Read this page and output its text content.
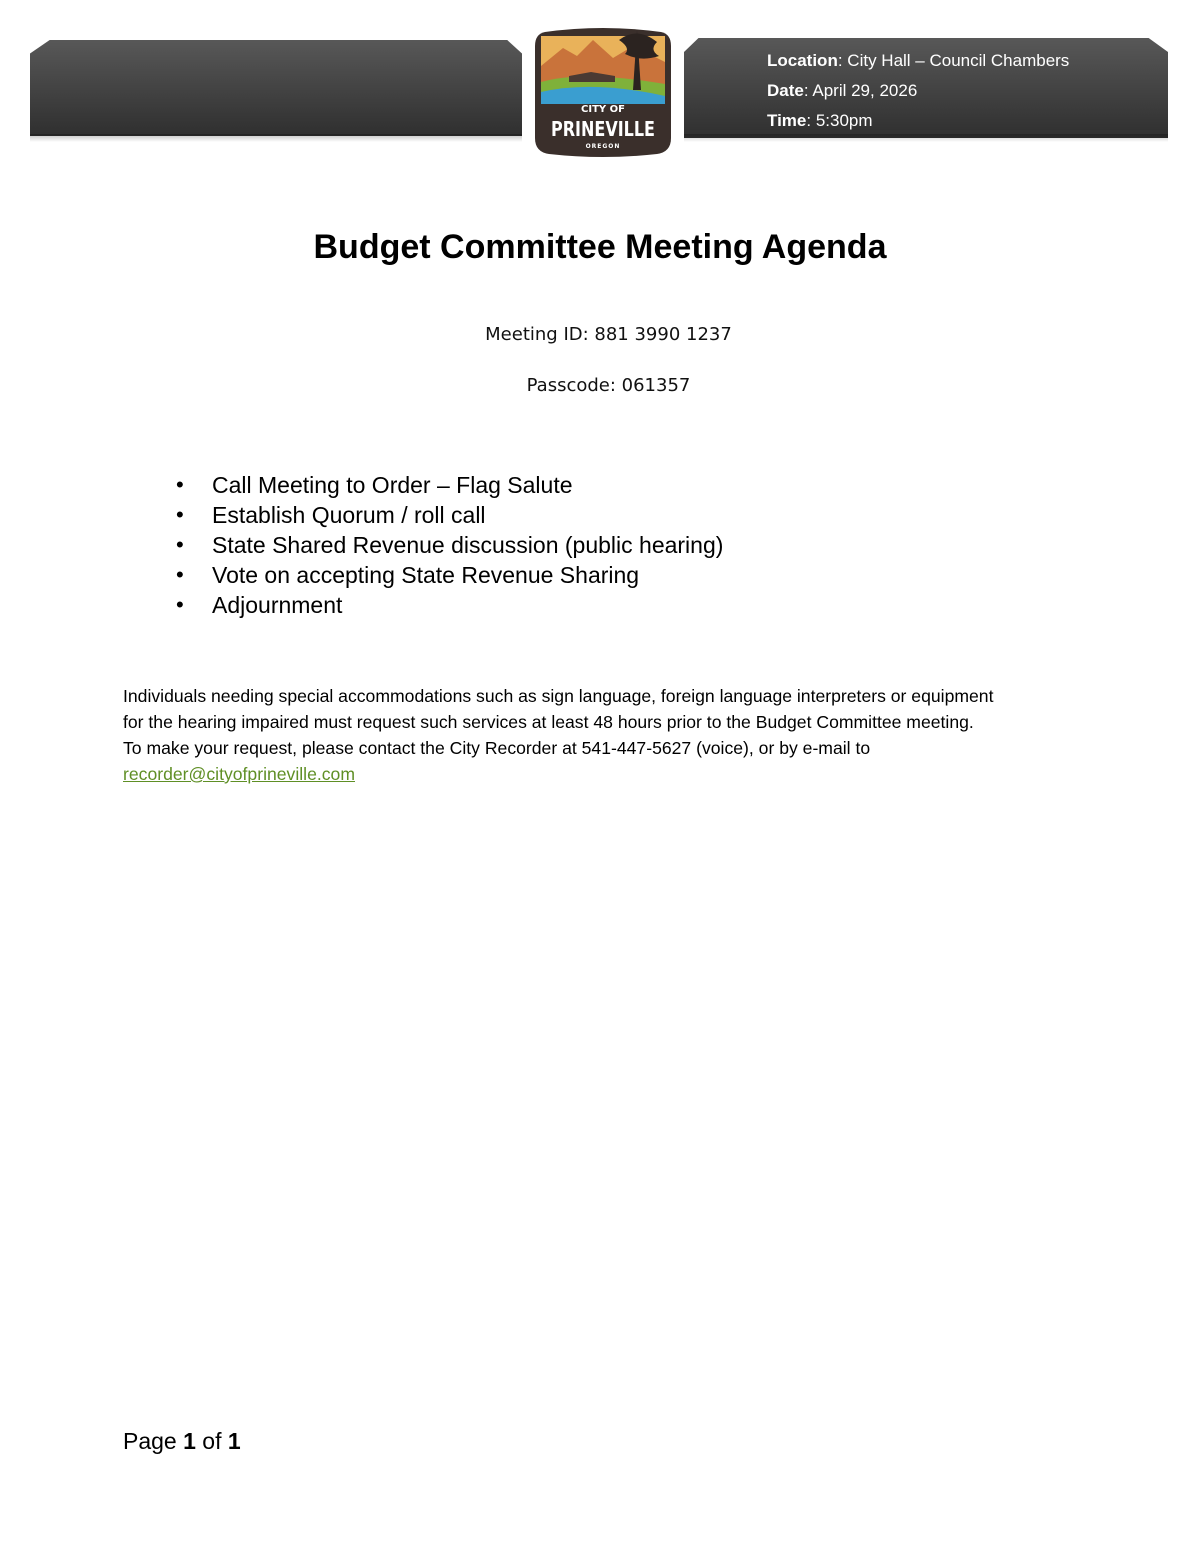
Location: City Hall – Council Chambers
Date: April 29, 2026
Time: 5:30pm
CITY OF
PRINEVILLE
OREGON
Budget Committee Meeting Agenda
Meeting ID: 881 3990 1237
Passcode: 061357
• Call Meeting to Order – Flag Salute
• Establish Quorum / roll call
• State Shared Revenue discussion (public hearing)
• Vote on accepting State Revenue Sharing
• Adjournment
Individuals needing special accommodations such as sign language, foreign language interpreters or equipment
for the hearing impaired must request such services at least 48 hours prior to the Budget Committee meeting.
To make your request, please contact the City Recorder at 541-447-5627 (voice), or by e-mail to
recorder@cityofprineville.com
Page 1 of 1
